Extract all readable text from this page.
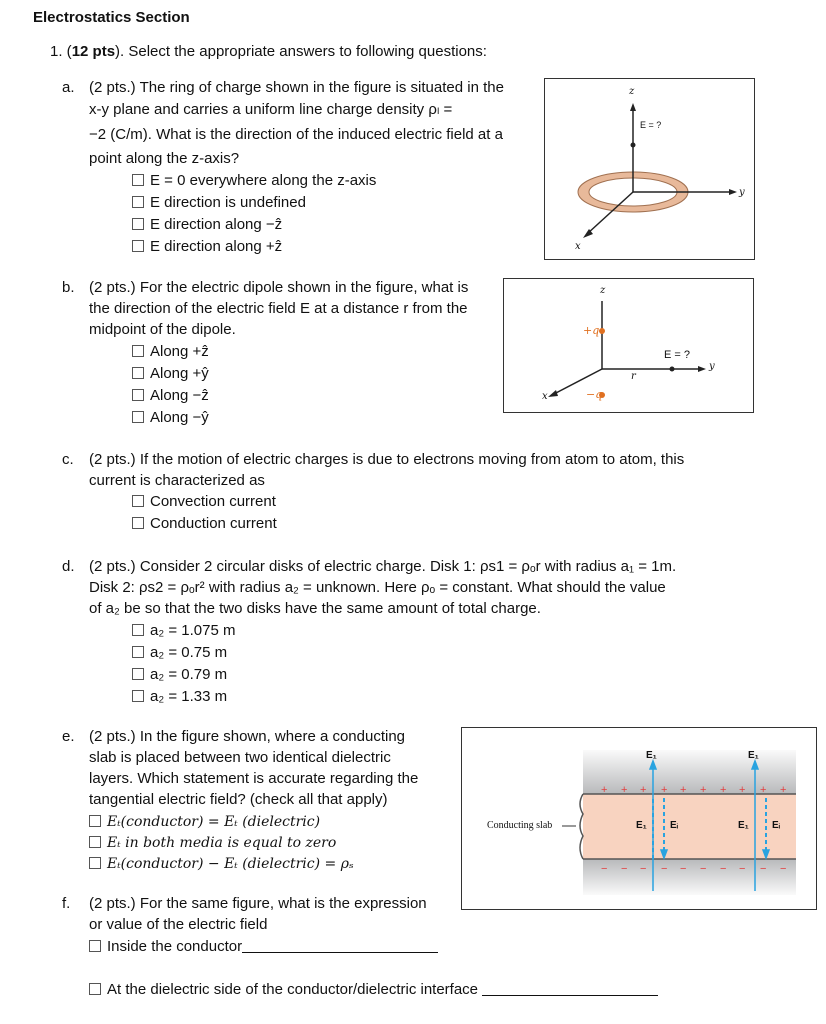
Electrostatics Section
1. (12 pts). Select the appropriate answers to following questions:
a. (2 pts.) The ring of charge shown in the figure is situated in the
x-y plane and carries a uniform line charge density ρₗ =
−2 (C/m). What is the direction of the induced electric field at a
point along the z-axis?
E = 0 everywhere along the z-axis
E direction is undefined
E direction along −ẑ
E direction along +ẑ
z
E = ?
y
x
b. (2 pts.) For the electric dipole shown in the figure, what is
the direction of the electric field E at a distance r from the
midpoint of the dipole.
Along +ẑ
Along +ŷ
Along −ẑ
Along −ŷ
z
+q
−q
E = ?
r
y
x
c. (2 pts.) If the motion of electric charges is due to electrons moving from atom to atom, this
current is characterized as
Convection current
Conduction current
d. (2 pts.) Consider 2 circular disks of electric charge. Disk 1: ρs1 = ρₒr with radius a₁ = 1m.
Disk 2: ρs2 = ρₒr² with radius a₂ = unknown. Here ρₒ = constant. What should the value
of a₂ be so that the two disks have the same amount of total charge.
a₂ = 1.075 m
a₂ = 0.75 m
a₂ = 0.79 m
a₂ = 1.33 m
e. (2 pts.) In the figure shown, where a conducting
slab is placed between two identical dielectric
layers. Which statement is accurate regarding the
tangential electric field? (check all that apply)
Eₜ(conductor) = Eₜ (dielectric)
Eₜ in both media is equal to zero
Eₜ(conductor) − Eₜ (dielectric) = ρₛ
+ + + + + + + + + +
− − − − − − − − − −
Conducting slab
E₁	E₁
E₁ Eᵢ	E₁ Eᵢ
f. (2 pts.) For the same figure, what is the expression
or value of the electric field
Inside the conductor
At the dielectric side of the conductor/dielectric interface
